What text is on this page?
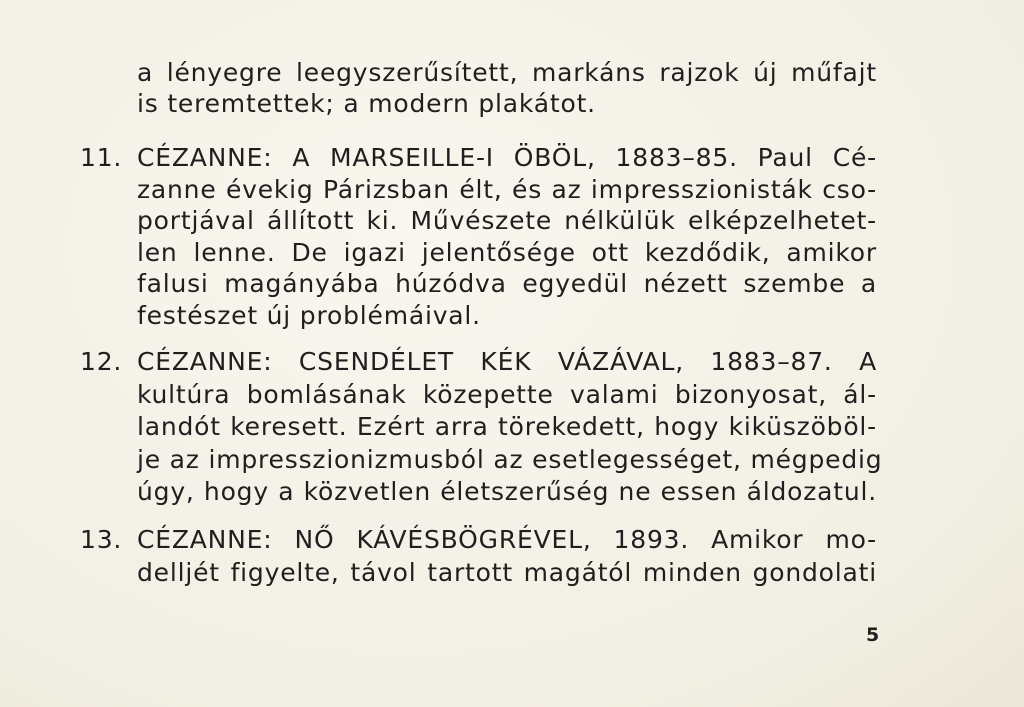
a lényegre leegyszerűsített, markáns rajzok új műfajt
is teremtettek; a modern plakátot.
11. CÉZANNE: A MARSEILLE-I ÖBÖL, 1883–85. Paul Cé-
zanne évekig Párizsban élt, és az impresszionisták cso-
portjával állított ki. Művészete nélkülük elképzelhetet-
len lenne. De igazi jelentősége ott kezdődik, amikor
falusi magányába húzódva egyedül nézett szembe a
festészet új problémáival.
12. CÉZANNE: CSENDÉLET KÉK VÁZÁVAL, 1883–87. A
kultúra bomlásának közepette valami bizonyosat, ál-
landót keresett. Ezért arra törekedett, hogy kiküszöböl-
je az impresszionizmusból az esetlegességet, mégpedig
úgy, hogy a közvetlen életszerűség ne essen áldozatul.
13. CÉZANNE: NŐ KÁVÉSBÖGRÉVEL, 1893. Amikor mo-
delljét figyelte, távol tartott magától minden gondolati
5
